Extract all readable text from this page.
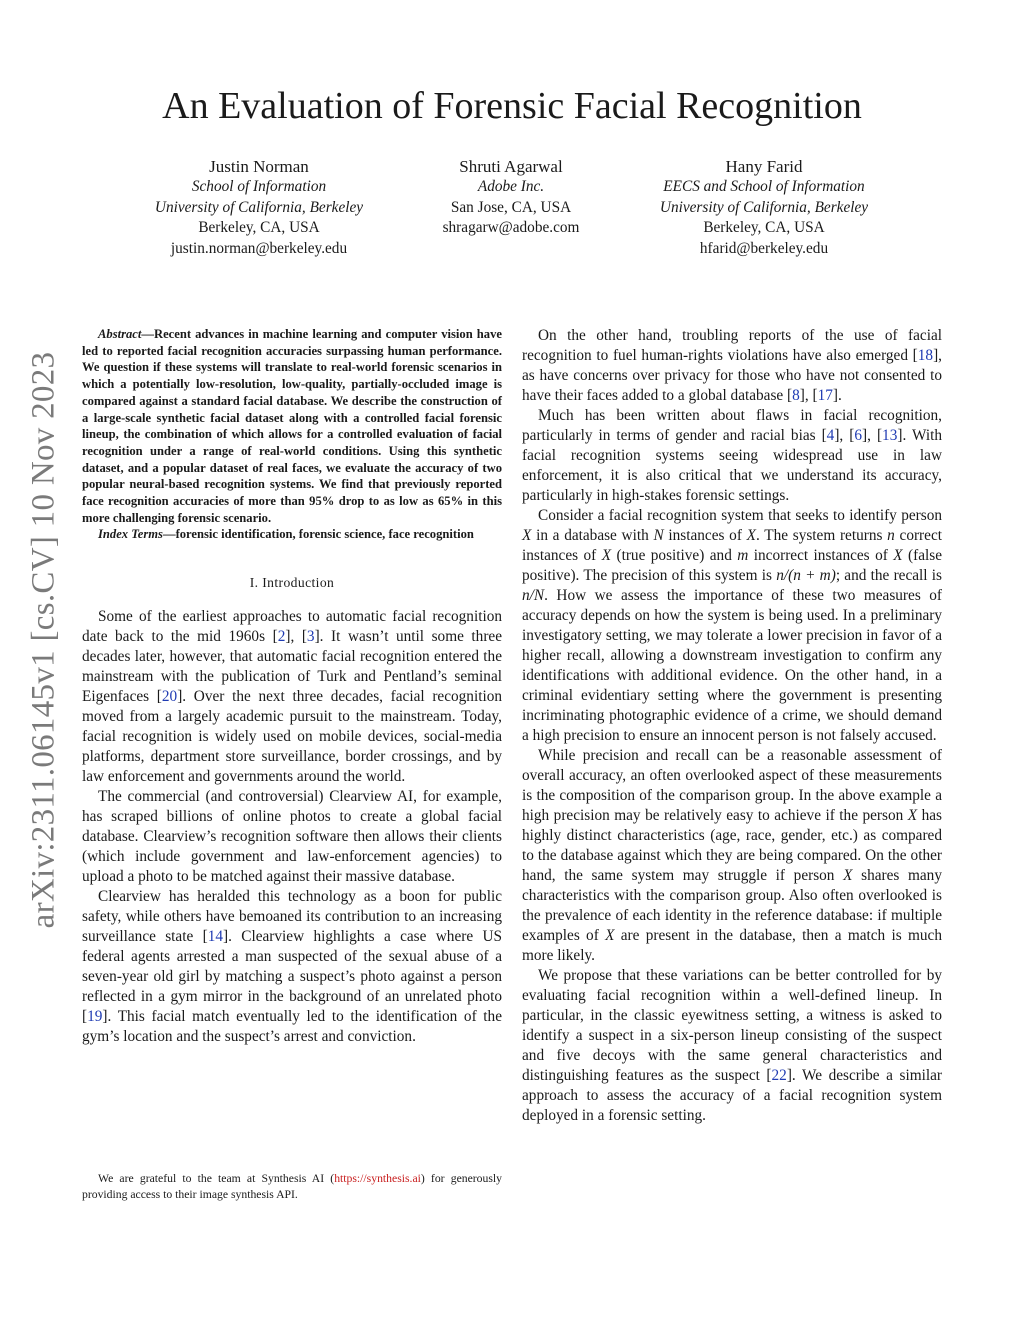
arXiv:2311.06145v1 [cs.CV] 10 Nov 2023
An Evaluation of Forensic Facial Recognition
Justin Norman
School of Information
University of California, Berkeley
Berkeley, CA, USA
justin.norman@berkeley.edu
Shruti Agarwal
Adobe Inc.
San Jose, CA, USA
shragarw@adobe.com
Hany Farid
EECS and School of Information
University of California, Berkeley
Berkeley, CA, USA
hfarid@berkeley.edu

Abstract—Recent advances in machine learning and computer vision have led to reported facial recognition accuracies surpassing human performance. We question if these systems will translate to real-world forensic scenarios in which a potentially low-resolution, low-quality, partially-occluded image is compared against a standard facial database. We describe the construction of a large-scale synthetic facial dataset along with a controlled facial forensic lineup, the combination of which allows for a controlled evaluation of facial recognition under a range of real-world conditions. Using this synthetic dataset, and a popular dataset of real faces, we evaluate the accuracy of two popular neural-based recognition systems. We find that previously reported face recognition accuracies of more than 95% drop to as low as 65% in this more challenging forensic scenario.

Index Terms—forensic identification, forensic science, face recognition

I. Introduction

Some of the earliest approaches to automatic facial recognition date back to the mid 1960s [2], [3]. It wasn’t until some three decades later, however, that automatic facial recognition entered the mainstream with the publication of Turk and Pentland’s seminal Eigenfaces [20]. Over the next three decades, facial recognition moved from a largely academic pursuit to the mainstream. Today, facial recognition is widely used on mobile devices, social-media platforms, department store surveillance, border crossings, and by law enforcement and governments around the world.

The commercial (and controversial) Clearview AI, for example, has scraped billions of online photos to create a global facial database. Clearview’s recognition software then allows their clients (which include government and law-enforcement agencies) to upload a photo to be matched against their massive database.

Clearview has heralded this technology as a boon for public safety, while others have bemoaned its contribution to an increasing surveillance state [14]. Clearview highlights a case where US federal agents arrested a man suspected of the sexual abuse of a seven-year old girl by matching a suspect’s photo against a person reflected in a gym mirror in the background of an unrelated photo [19]. This facial match eventually led to the identification of the gym’s location and the suspect’s arrest and conviction.

We are grateful to the team at Synthesis AI (https://synthesis.ai) for generously providing access to their image synthesis API.

On the other hand, troubling reports of the use of facial recognition to fuel human-rights violations have also emerged [18], as have concerns over privacy for those who have not consented to have their faces added to a global database [8], [17].

Much has been written about flaws in facial recognition, particularly in terms of gender and racial bias [4], [6], [13]. With facial recognition systems seeing widespread use in law enforcement, it is also critical that we understand its accuracy, particularly in high-stakes forensic settings.

Consider a facial recognition system that seeks to identify person X in a database with N instances of X. The system returns n correct instances of X (true positive) and m incorrect instances of X (false positive). The precision of this system is n/(n + m); and the recall is n/N. How we assess the importance of these two measures of accuracy depends on how the system is being used. In a preliminary investigatory setting, we may tolerate a lower precision in favor of a higher recall, allowing a downstream investigation to confirm any identifications with additional evidence. On the other hand, in a criminal evidentiary setting where the government is presenting incriminating photographic evidence of a crime, we should demand a high precision to ensure an innocent person is not falsely accused.

While precision and recall can be a reasonable assessment of overall accuracy, an often overlooked aspect of these measurements is the composition of the comparison group. In the above example a high precision may be relatively easy to achieve if the person X has highly distinct characteristics (age, race, gender, etc.) as compared to the database against which they are being compared. On the other hand, the same system may struggle if person X shares many characteristics with the comparison group. Also often overlooked is the prevalence of each identity in the reference database: if multiple examples of X are present in the database, then a match is much more likely.

We propose that these variations can be better controlled for by evaluating facial recognition within a well-defined lineup. In particular, in the classic eyewitness setting, a witness is asked to identify a suspect in a six-person lineup consisting of the suspect and five decoys with the same general characteristics and distinguishing features as the suspect [22]. We describe a similar approach to assess the accuracy of a facial recognition system deployed in a forensic setting.
